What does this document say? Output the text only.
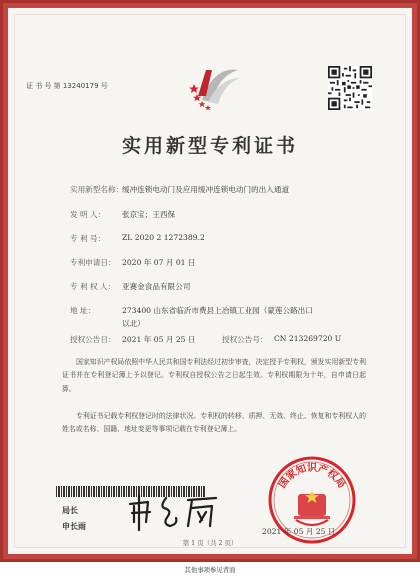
证 书 号 第 13240179 号
实用新型专利证书
实用新型名称：
缓冲连锁电动门及应用缓冲连锁电动门的出入通道
发 明 人： 张京宝；王西保
专 利 号： ZL 2020 2 1272389.2
专利申请日： 2020 年 07 月 01 日
专 利 权 人： 亚赛金食品有限公司
地 址：	273400 山东省临沂市费县上冶镇工业园（蒙莲公路出口
以北）
授权公告日： 2021 年 05 月 25 日	授权公告号： CN 213269720 U
国家知识产权局依照中华人民共和国专利法经过初步审查，决定授予专利权，颁发实用新型专利证书并在专利登记簿上予以登记。专利权自授权公告之日起生效。专利权期限为十年，自申请日起算。
专利证书记载专利权登记时的法律状况。专利权的转移、质押、无效、终止、恢复和专利权人的姓名或名称、国籍、地址变更等事项记载在专利登记簿上。
局长
申长雨
国家知识产权局
第 1 页（共 2 页）
2021 年 05 月 25 日
其他事项参见背面
